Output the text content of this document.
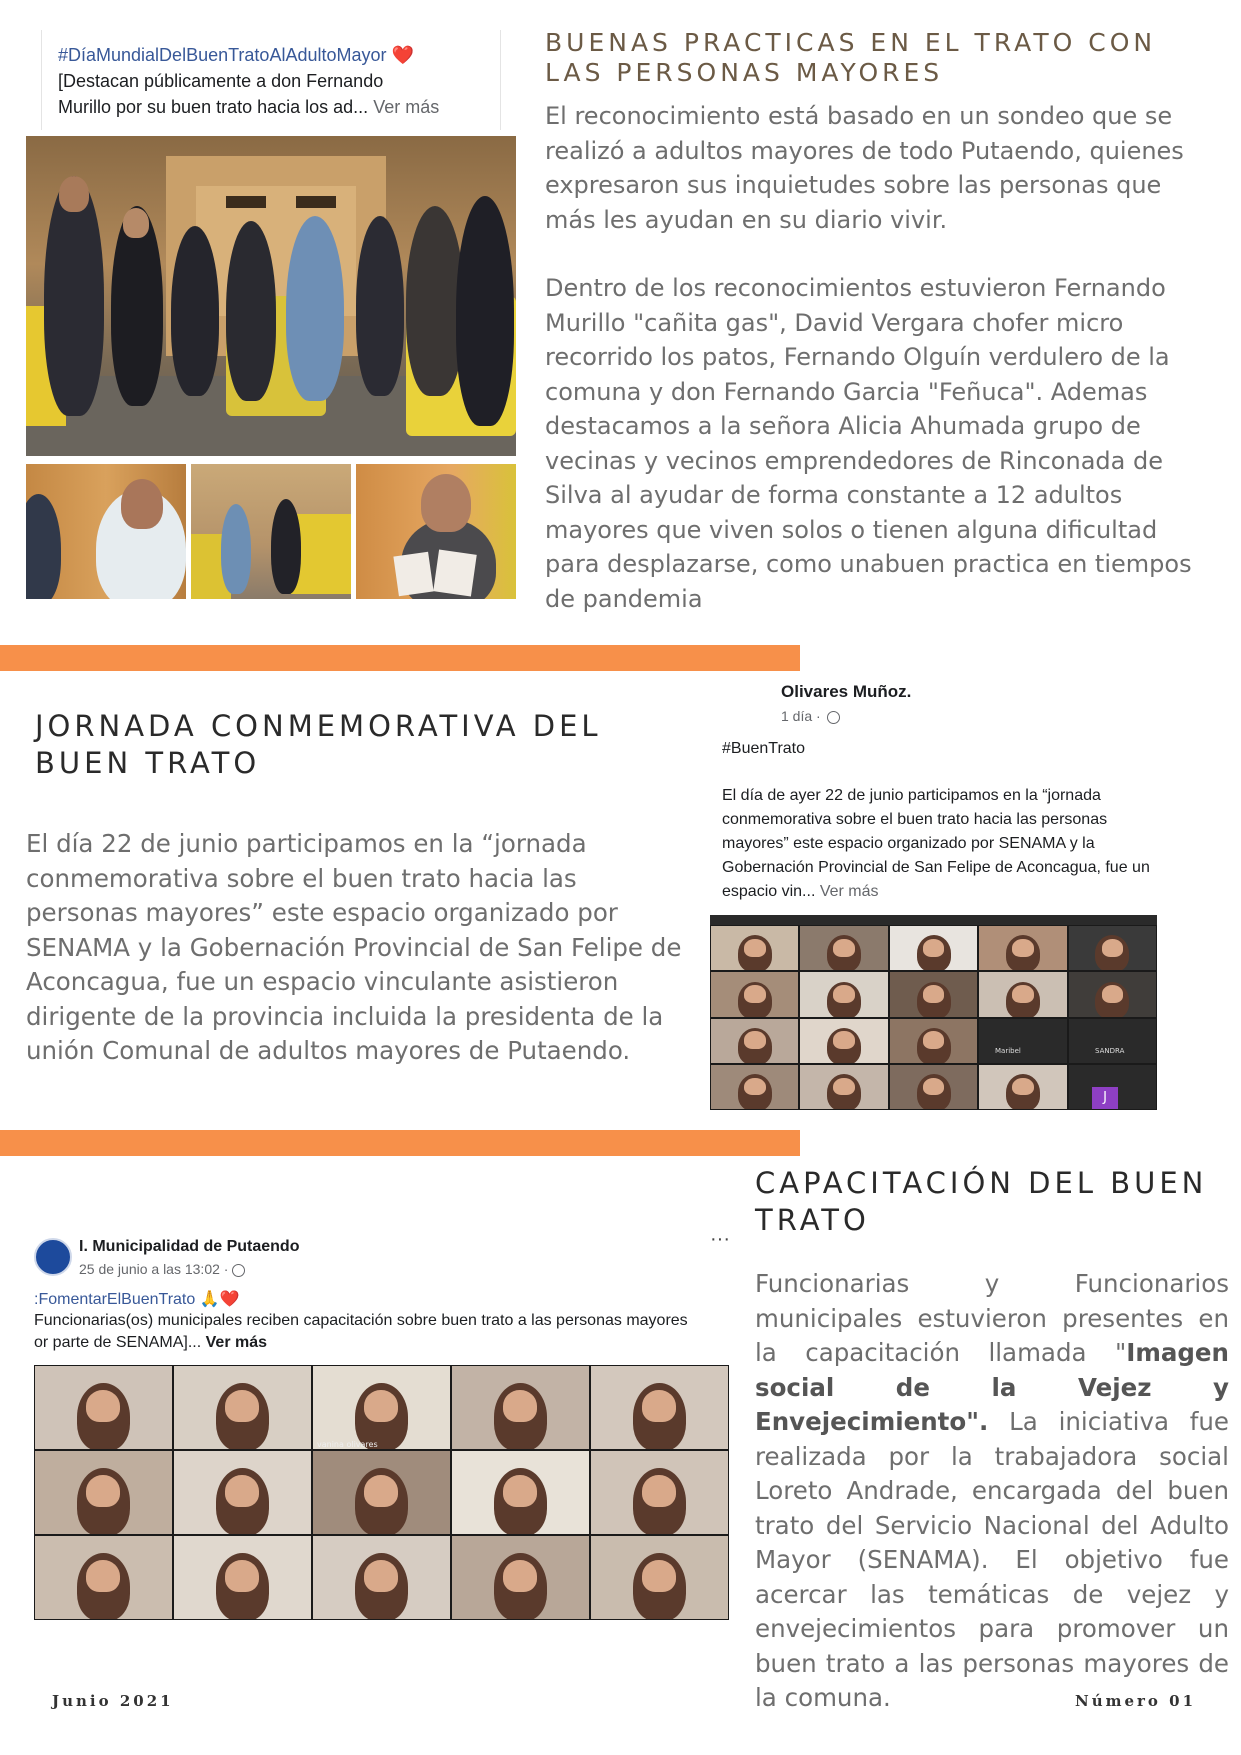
#DíaMundialDelBuenTratoAlAdultoMayor ❤️
[Destacan públicamente a don Fernando
Murillo por su buen trato hacia los ad... Ver más
BUENAS PRACTICAS EN EL TRATO CON
LAS PERSONAS MAYORES
El reconocimiento está basado en un sondeo que se realizó a adultos mayores de todo Putaendo, quienes expresaron sus inquietudes sobre las personas que más les ayudan en su diario vivir.
Dentro de los reconocimientos estuvieron Fernando Murillo "cañita gas", David Vergara chofer micro recorrido los patos, Fernando Olguín verdulero de la comuna y don Fernando Garcia "Feñuca". Ademas destacamos a la señora Alicia Ahumada grupo de vecinas y vecinos emprendedores de Rinconada de Silva al ayudar de forma constante a 12 adultos mayores que viven solos o tienen alguna dificultad para desplazarse, como unabuen practica en tiempos de pandemia
JORNADA CONMEMORATIVA DEL
BUEN TRATO
El día 22 de junio participamos en la “jornada conmemorativa sobre el buen trato hacia las personas mayores” este espacio organizado por SENAMA y la Gobernación Provincial de San Felipe de Aconcagua, fue un espacio vinculante asistieron dirigente de la provincia incluida la presidenta de la unión Comunal de adultos mayores de Putaendo.
Olivares Muñoz.
1 día ·
#BuenTrato
El día de ayer 22 de junio participamos en la “jornada conmemorativa sobre el buen trato hacia las personas mayores” este espacio organizado por SENAMA y la Gobernación Provincial de San Felipe de Aconcagua, fue un espacio vin... Ver más
Maribel	SANDRA
J
I. Municipalidad de Putaendo
25 de junio a las 13:02 ·
···
:FomentarElBuenTrato 🙏❤️
Funcionarias(os) municipales reciben capacitación sobre buen trato a las personas mayores
or parte de SENAMA]... Ver más
vanina olivares
CAPACITACIÓN DEL BUEN
TRATO
Funcionarias y Funcionarios municipales estuvieron presentes en la capacitación llamada "Imagen social de la Vejez y Envejecimiento". La iniciativa fue realizada por la trabajadora social Loreto Andrade, encargada del buen trato del Servicio Nacional del Adulto Mayor (SENAMA). El objetivo fue acercar las temáticas de vejez y envejecimientos para promover un buen trato a las personas mayores de la comuna.
Junio 2021	Número 01
